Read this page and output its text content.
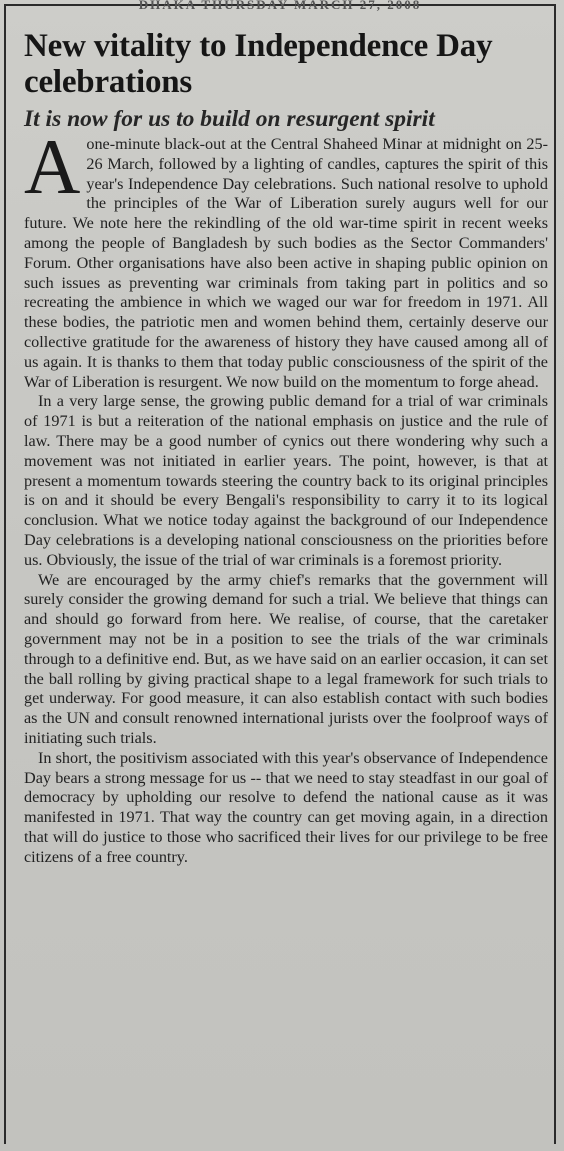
DHAKA THURSDAY MARCH 27, 2008
New vitality to Independence Day celebrations
It is now for us to build on resurgent spirit

Aone-minute black-out at the Central Shaheed Minar at midnight on 25-26 March, followed by a lighting of candles, captures the spirit of this year's Independence Day celebrations. Such national resolve to uphold the principles of the War of Liberation surely augurs well for our future. We note here the rekindling of the old war-time spirit in recent weeks among the people of Bangladesh by such bodies as the Sector Commanders' Forum. Other organisations have also been active in shaping public opinion on such issues as preventing war criminals from taking part in politics and so recreating the ambience in which we waged our war for freedom in 1971. All these bodies, the patriotic men and women behind them, certainly deserve our collective gratitude for the awareness of history they have caused among all of us again. It is thanks to them that today public consciousness of the spirit of the War of Liberation is resurgent. We now build on the momentum to forge ahead.

In a very large sense, the growing public demand for a trial of war criminals of 1971 is but a reiteration of the national emphasis on justice and the rule of law. There may be a good number of cynics out there wondering why such a movement was not initiated in earlier years. The point, however, is that at present a momentum towards steering the country back to its original principles is on and it should be every Bengali's responsibility to carry it to its logical conclusion. What we notice today against the background of our Independence Day celebrations is a developing national consciousness on the priorities before us. Obviously, the issue of the trial of war criminals is a foremost priority.

We are encouraged by the army chief's remarks that the government will surely consider the growing demand for such a trial. We believe that things can and should go forward from here. We realise, of course, that the caretaker government may not be in a position to see the trials of the war criminals through to a definitive end. But, as we have said on an earlier occasion, it can set the ball rolling by giving practical shape to a legal framework for such trials to get underway. For good measure, it can also establish contact with such bodies as the UN and consult renowned international jurists over the foolproof ways of initiating such trials.

In short, the positivism associated with this year's observance of Independence Day bears a strong message for us -- that we need to stay steadfast in our goal of democracy by upholding our resolve to defend the national cause as it was manifested in 1971. That way the country can get moving again, in a direction that will do justice to those who sacrificed their lives for our privilege to be free citizens of a free country.
